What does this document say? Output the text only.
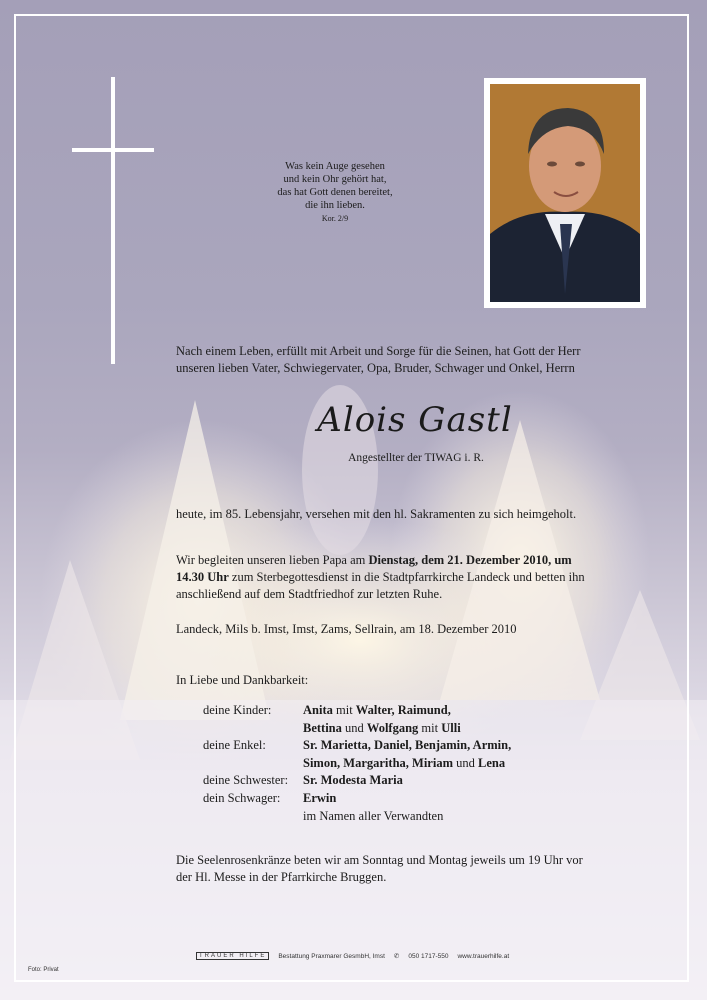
Was kein Auge gesehen
und kein Ohr gehört hat,
das hat Gott denen bereitet,
die ihn lieben.
Kor. 2/9
Nach einem Leben, erfüllt mit Arbeit und Sorge für die Seinen, hat Gott der Herr
unseren lieben Vater, Schwiegervater, Opa, Bruder, Schwager und Onkel, Herrn
Alois Gastl
Angestellter der TIWAG i. R.
heute, im 85. Lebensjahr, versehen mit den hl. Sakramenten zu sich heimgeholt.
Wir begleiten unseren lieben Papa am Dienstag, dem 21. Dezember 2010, um
14.30 Uhr zum Sterbegottesdienst in die Stadtpfarrkirche Landeck und betten ihn
anschließend auf dem Stadtfriedhof zur letzten Ruhe.
Landeck, Mils b. Imst, Imst, Zams, Sellrain, am 18. Dezember 2010
In Liebe und Dankbarkeit:
deine Kinder:	Anita mit Walter, Raimund,
Bettina und Wolfgang mit Ulli
deine Enkel:	Sr. Marietta, Daniel, Benjamin, Armin,
Simon, Margaritha, Miriam und Lena
deine Schwester:	Sr. Modesta Maria
dein Schwager:	Erwin
im Namen aller Verwandten
Die Seelenrosenkränze beten wir am Sonntag und Montag jeweils um 19 Uhr vor
der Hl. Messe in der Pfarrkirche Bruggen.
TRAUER HILFE	Bestattung Praxmarer GesmbH, Imst ✆ 050 1717-550 www.trauerhilfe.at
Foto: Privat
